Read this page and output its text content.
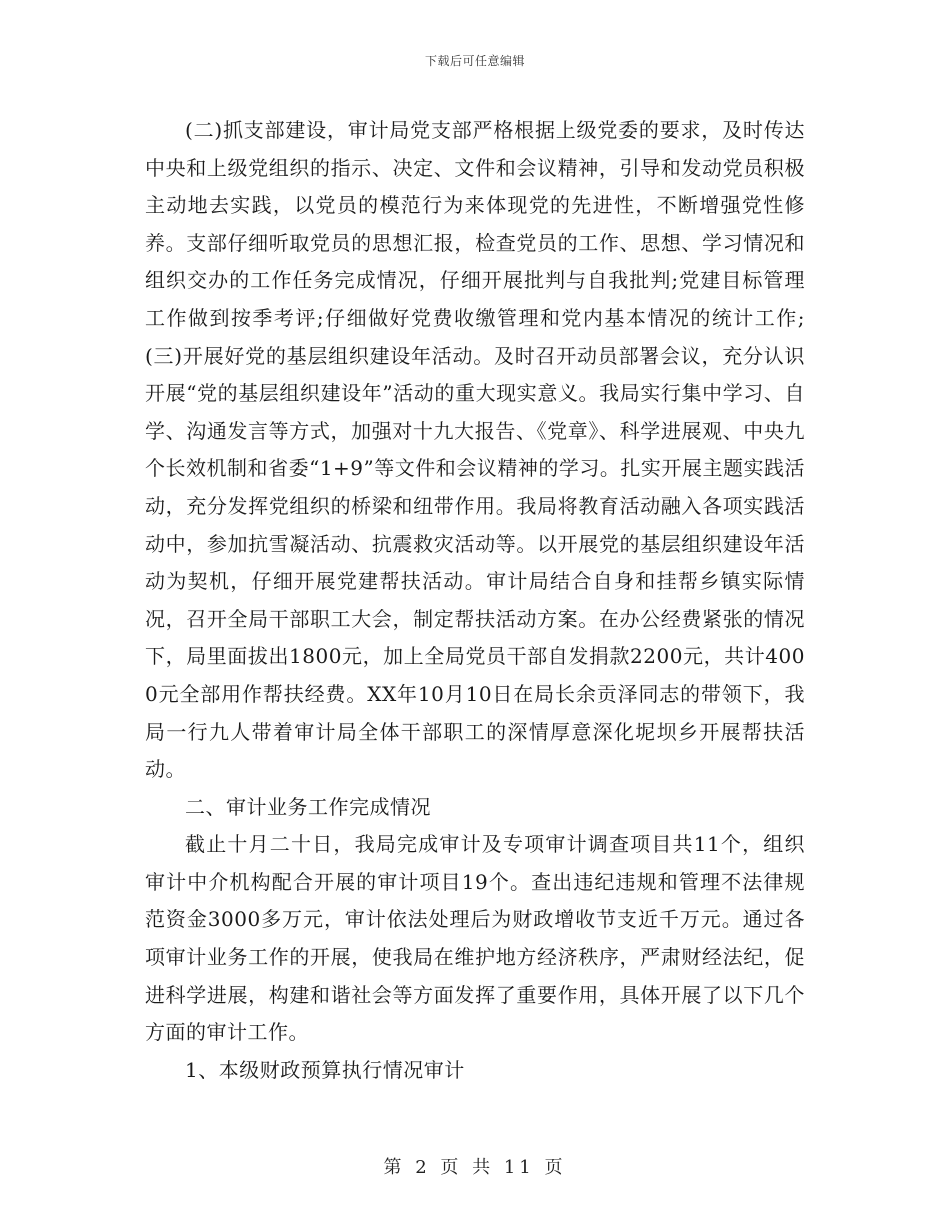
下载后可任意编辑

(二)抓支部建设，审计局党支部严格根据上级党委的要求，及时传达中央和上级党组织的指示、决定、文件和会议精神，引导和发动党员积极主动地去实践，以党员的模范行为来体现党的先进性，不断增强党性修养。支部仔细听取党员的思想汇报，检查党员的工作、思想、学习情况和组织交办的工作任务完成情况，仔细开展批判与自我批判;党建目标管理工作做到按季考评;仔细做好党费收缴管理和党内基本情况的统计工作;(三)开展好党的基层组织建设年活动。及时召开动员部署会议，充分认识开展“党的基层组织建设年”活动的重大现实意义。我局实行集中学习、自学、沟通发言等方式，加强对十九大报告、《党章》、科学进展观、中央九个长效机制和省委“1+9”等文件和会议精神的学习。扎实开展主题实践活动，充分发挥党组织的桥梁和纽带作用。我局将教育活动融入各项实践活动中，参加抗雪凝活动、抗震救灾活动等。以开展党的基层组织建设年活动为契机，仔细开展党建帮扶活动。审计局结合自身和挂帮乡镇实际情况，召开全局干部职工大会，制定帮扶活动方案。在办公经费紧张的情况下，局里面拔出1800元，加上全局党员干部自发捐款2200元，共计4000元全部用作帮扶经费。XX年10月10日在局长余贡泽同志的带领下，我局一行九人带着审计局全体干部职工的深情厚意深化坭坝乡开展帮扶活动。

二、审计业务工作完成情况

截止十月二十日，我局完成审计及专项审计调查项目共11个，组织审计中介机构配合开展的审计项目19个。查出违纪违规和管理不法律规范资金3000多万元，审计依法处理后为财政增收节支近千万元。通过各项审计业务工作的开展，使我局在维护地方经济秩序，严肃财经法纪，促进科学进展，构建和谐社会等方面发挥了重要作用，具体开展了以下几个方面的审计工作。

1、本级财政预算执行情况审计

第 2 页 共 11 页
